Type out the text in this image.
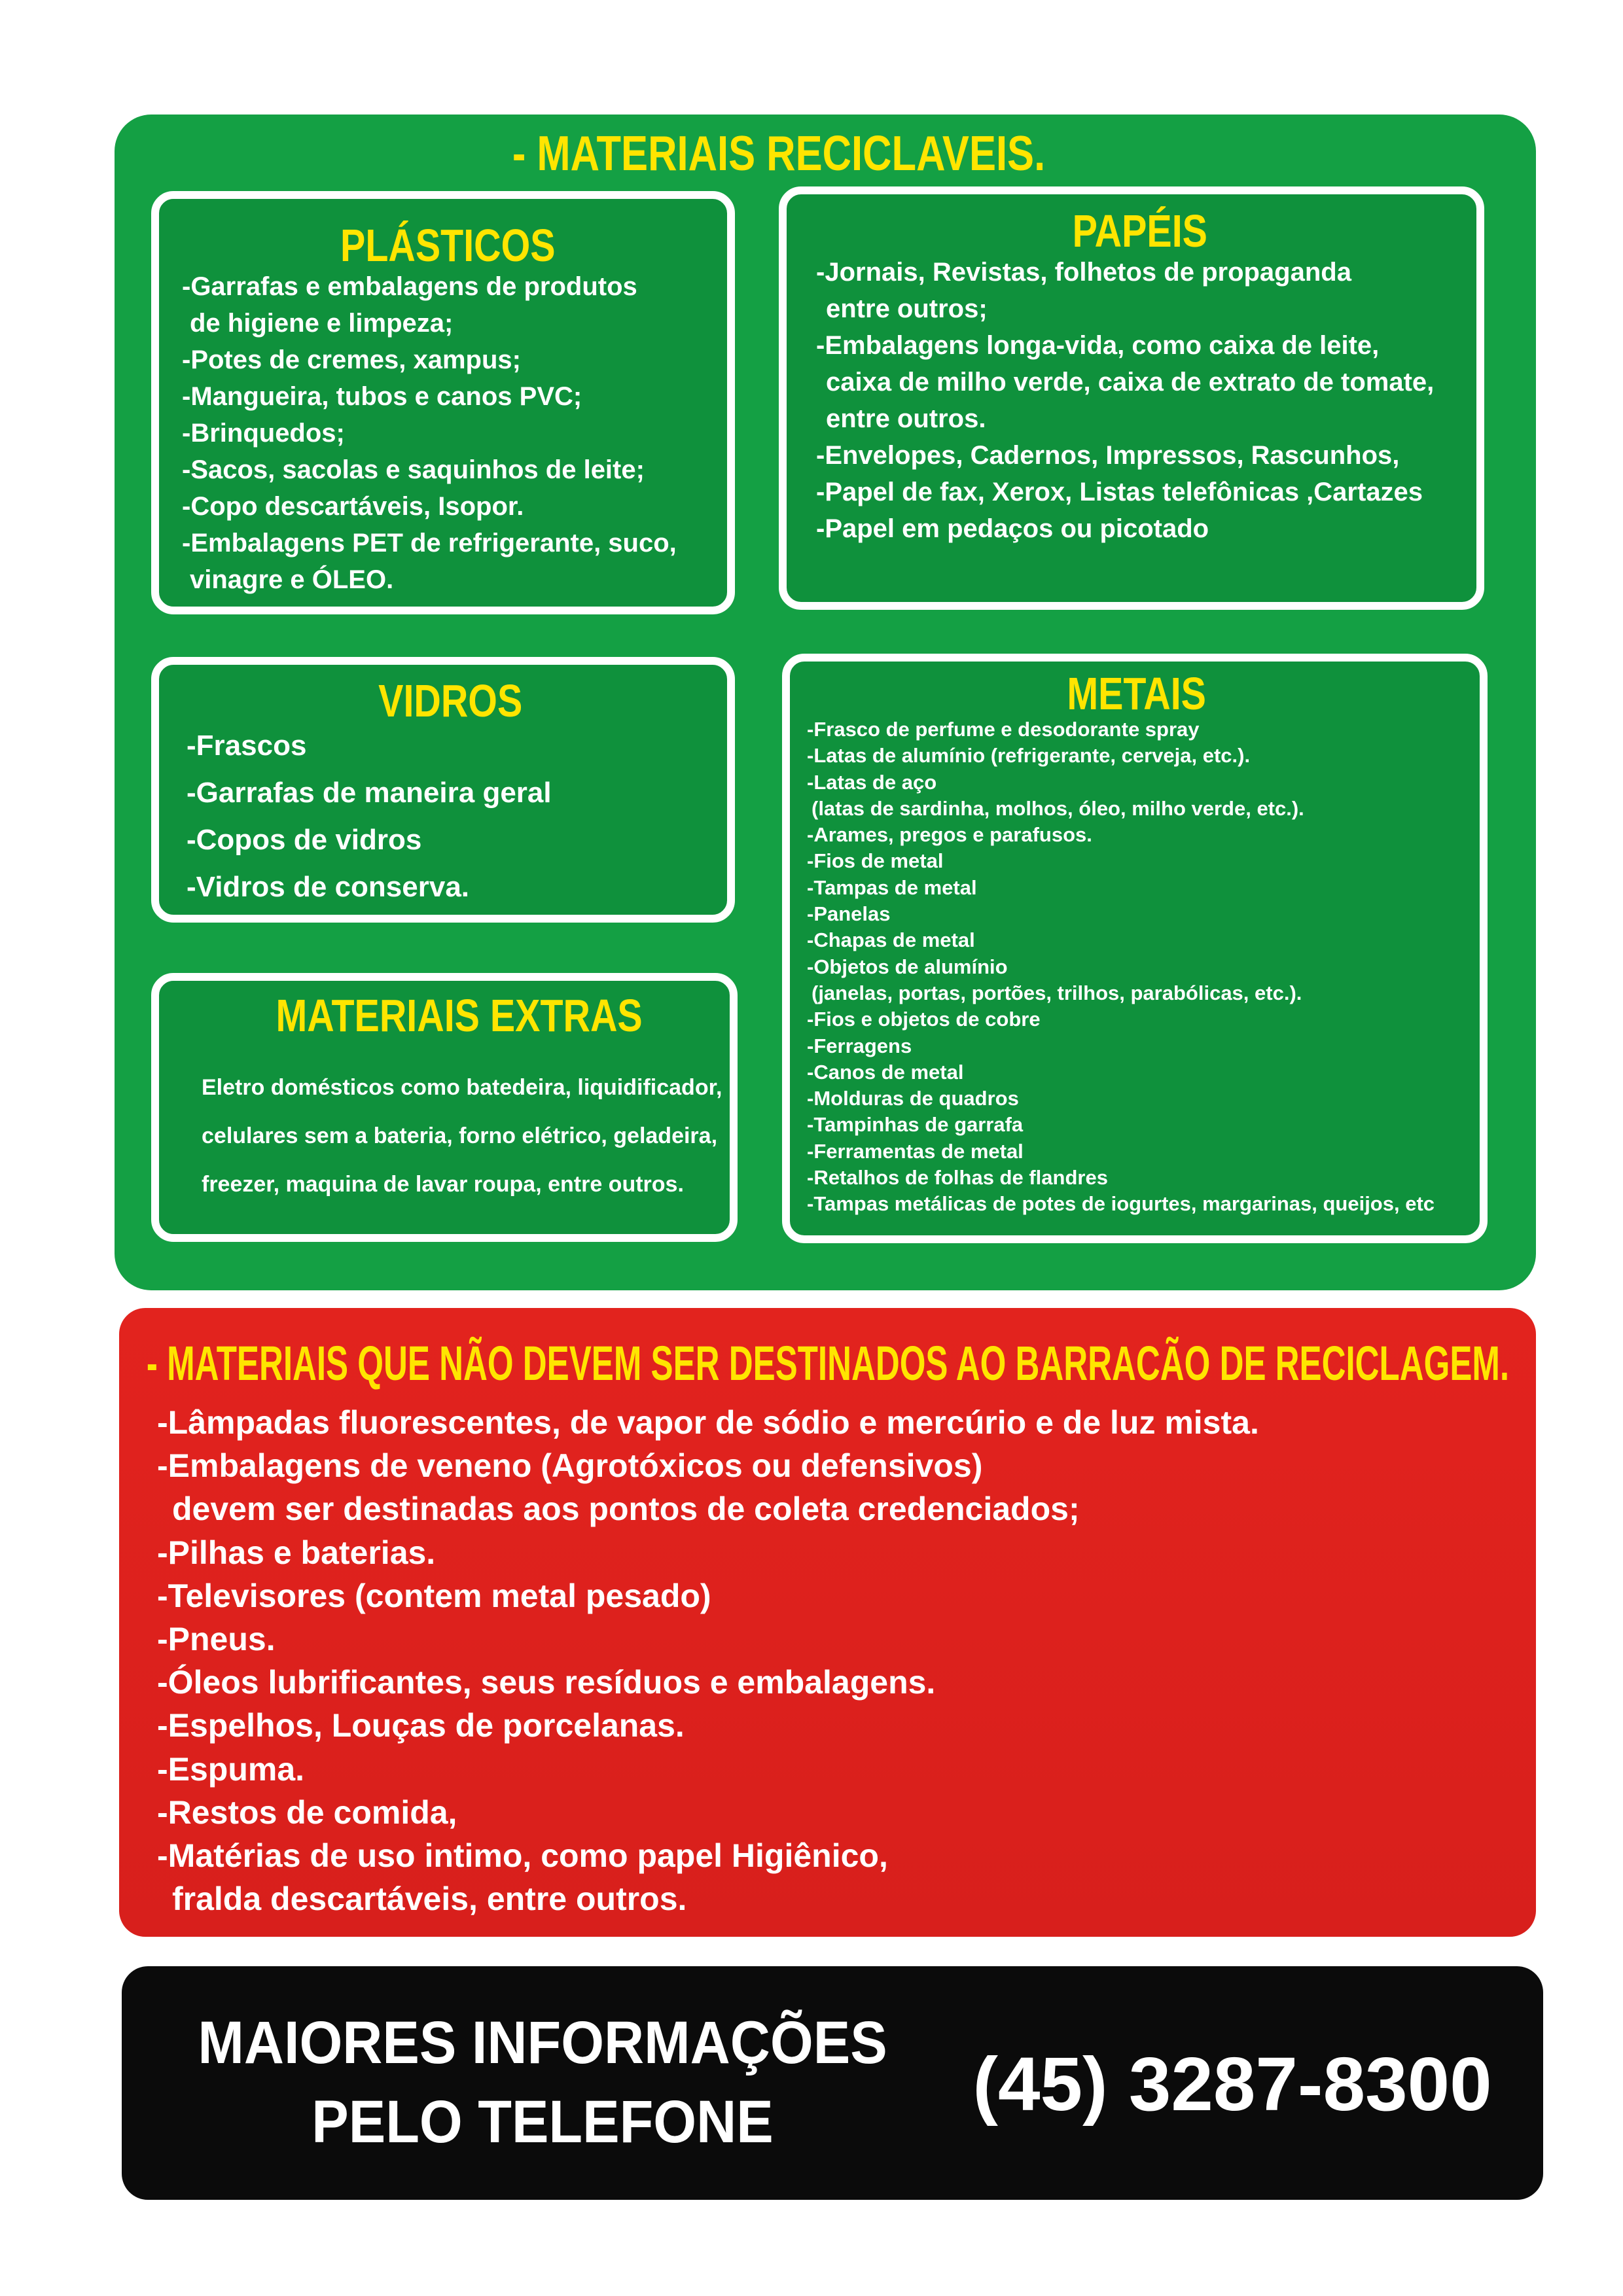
- MATERIAIS RECICLAVEIS.
PLÁSTICOS
-Garrafas e embalagens de produtos
de higiene e limpeza;
-Potes de cremes, xampus;
-Mangueira, tubos e canos PVC;
-Brinquedos;
-Sacos, sacolas e saquinhos de leite;
-Copo descartáveis, Isopor.
-Embalagens PET de refrigerante, suco,
vinagre e ÓLEO.
PAPÉIS
-Jornais, Revistas, folhetos de propaganda
entre outros;
-Embalagens longa-vida, como caixa de leite,
caixa de milho verde, caixa de extrato de tomate,
entre outros.
-Envelopes, Cadernos, Impressos, Rascunhos,
-Papel de fax, Xerox, Listas telefônicas ,Cartazes
-Papel em pedaços ou picotado
VIDROS
-Frascos
-Garrafas de maneira geral
-Copos de vidros
-Vidros de conserva.
MATERIAIS EXTRAS
Eletro domésticos como batedeira, liquidificador,
celulares sem a bateria, forno elétrico, geladeira,
freezer, maquina de lavar roupa, entre outros.
METAIS
-Frasco de perfume e desodorante spray
-Latas de alumínio (refrigerante, cerveja, etc.).
-Latas de aço
(latas de sardinha, molhos, óleo, milho verde, etc.).
-Arames, pregos e parafusos.
-Fios de metal
-Tampas de metal
-Panelas
-Chapas de metal
-Objetos de alumínio
(janelas, portas, portões, trilhos, parabólicas, etc.).
-Fios e objetos de cobre
-Ferragens
-Canos de metal
-Molduras de quadros
-Tampinhas de garrafa
-Ferramentas de metal
-Retalhos de folhas de flandres
-Tampas metálicas de potes de iogurtes, margarinas, queijos, etc
- MATERIAIS QUE NÃO DEVEM SER DESTINADOS AO BARRACÃO DE RECICLAGEM.
-Lâmpadas fluorescentes, de vapor de sódio e mercúrio e de luz mista.
-Embalagens de veneno (Agrotóxicos ou defensivos)
devem ser destinadas aos pontos de coleta credenciados;
-Pilhas e baterias.
-Televisores (contem metal pesado)
-Pneus.
-Óleos lubrificantes, seus resíduos e embalagens.
-Espelhos, Louças de porcelanas.
-Espuma.
-Restos de comida,
-Matérias de uso intimo, como papel Higiênico,
fralda descartáveis, entre outros.
MAIORES INFORMAÇÕES
PELO TELEFONE	(45) 3287-8300
